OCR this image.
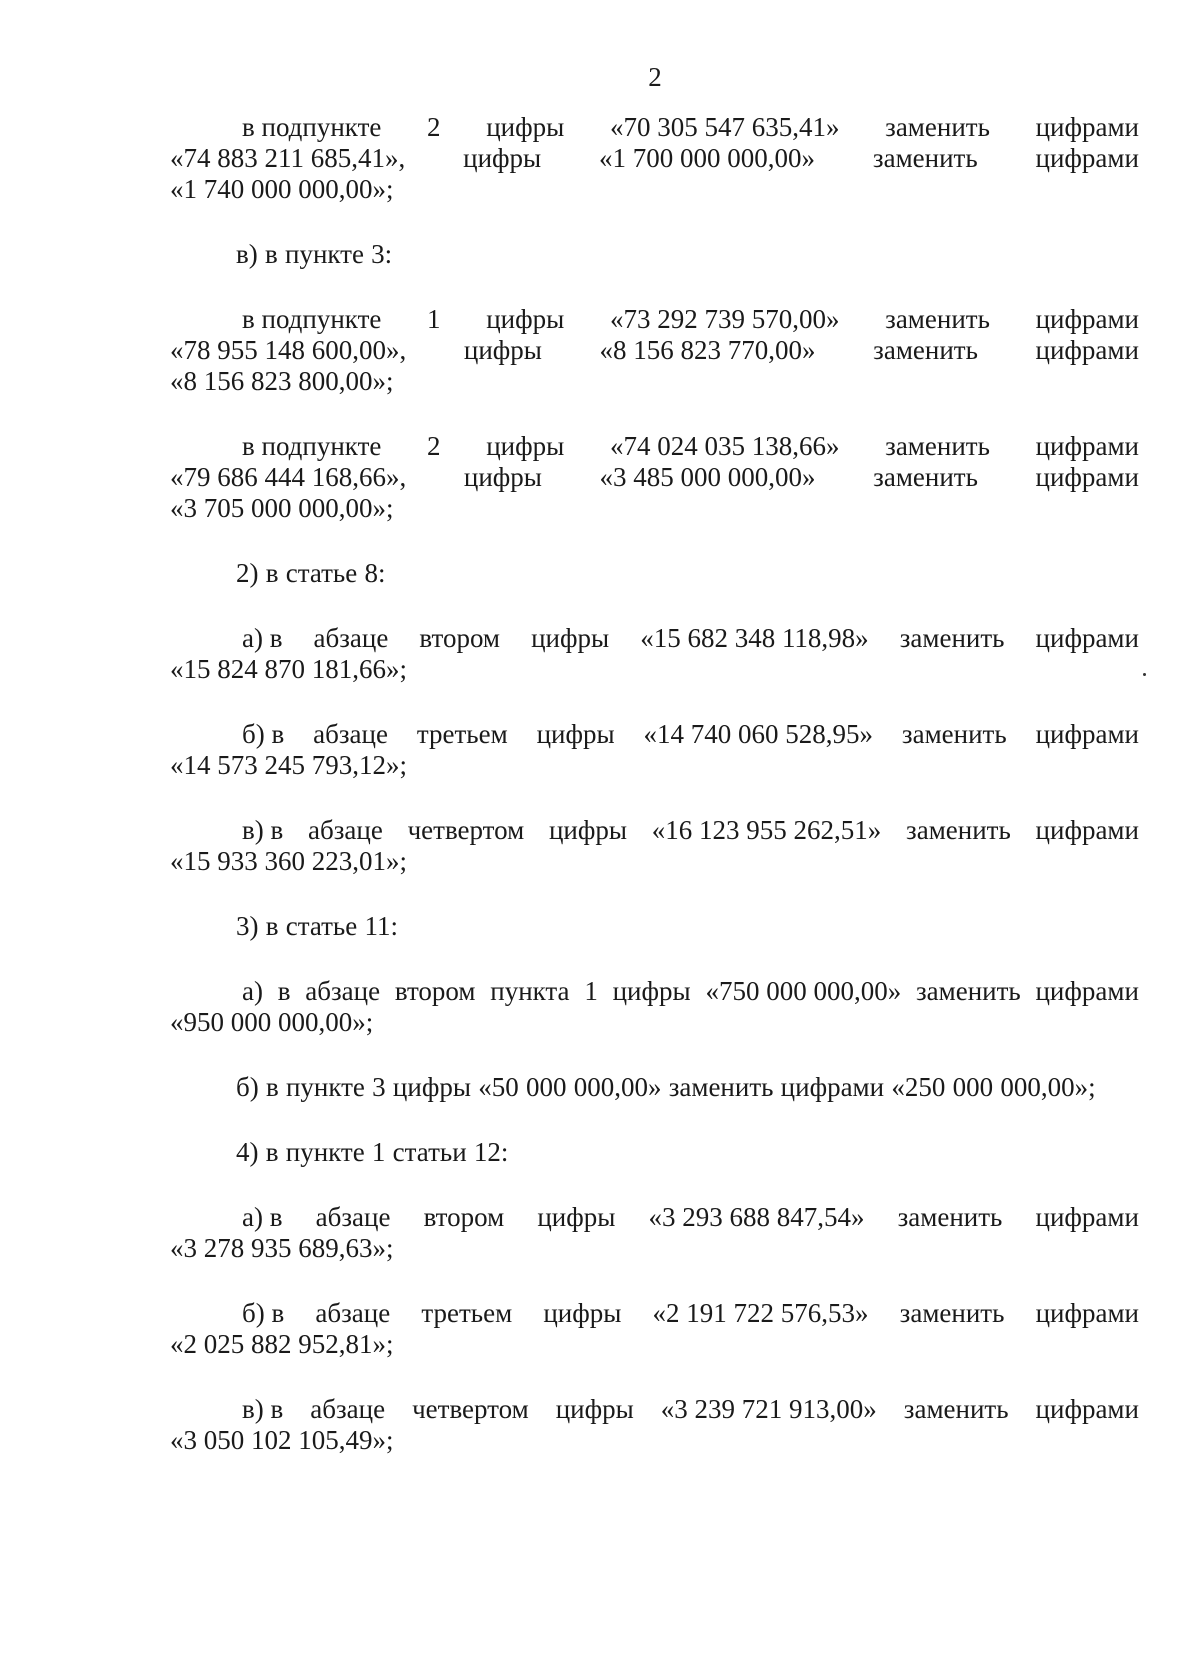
2
в подпункте 2 цифры «70 305 547 635,41» заменить цифрами
«74 883 211 685,41», цифры «1 700 000 000,00» заменить цифрами
«1 740 000 000,00»;

в) в пункте 3:

в подпункте 1 цифры «73 292 739 570,00» заменить цифрами
«78 955 148 600,00», цифры «8 156 823 770,00» заменить цифрами
«8 156 823 800,00»;
в подпункте 2 цифры «74 024 035 138,66» заменить цифрами
«79 686 444 168,66», цифры «3 485 000 000,00» заменить цифрами
«3 705 000 000,00»;

2) в статье 8:

а) в абзаце втором цифры «15 682 348 118,98» заменить цифрами
«15 824 870 181,66»;
б) в абзаце третьем цифры «14 740 060 528,95» заменить цифрами
«14 573 245 793,12»;
в) в абзаце четвертом цифры «16 123 955 262,51» заменить цифрами
«15 933 360 223,01»;

3) в статье 11:

а) в абзаце втором пункта 1 цифры «750 000 000,00» заменить цифрами
«950 000 000,00»;

б) в пункте 3 цифры «50 000 000,00» заменить цифрами «250 000 000,00»;

4) в пункте 1 статьи 12:

а) в абзаце втором цифры «3 293 688 847,54» заменить цифрами
«3 278 935 689,63»;
б) в абзаце третьем цифры «2 191 722 576,53» заменить цифрами
«2 025 882 952,81»;
в) в абзаце четвертом цифры «3 239 721 913,00» заменить цифрами
«3 050 102 105,49»;
